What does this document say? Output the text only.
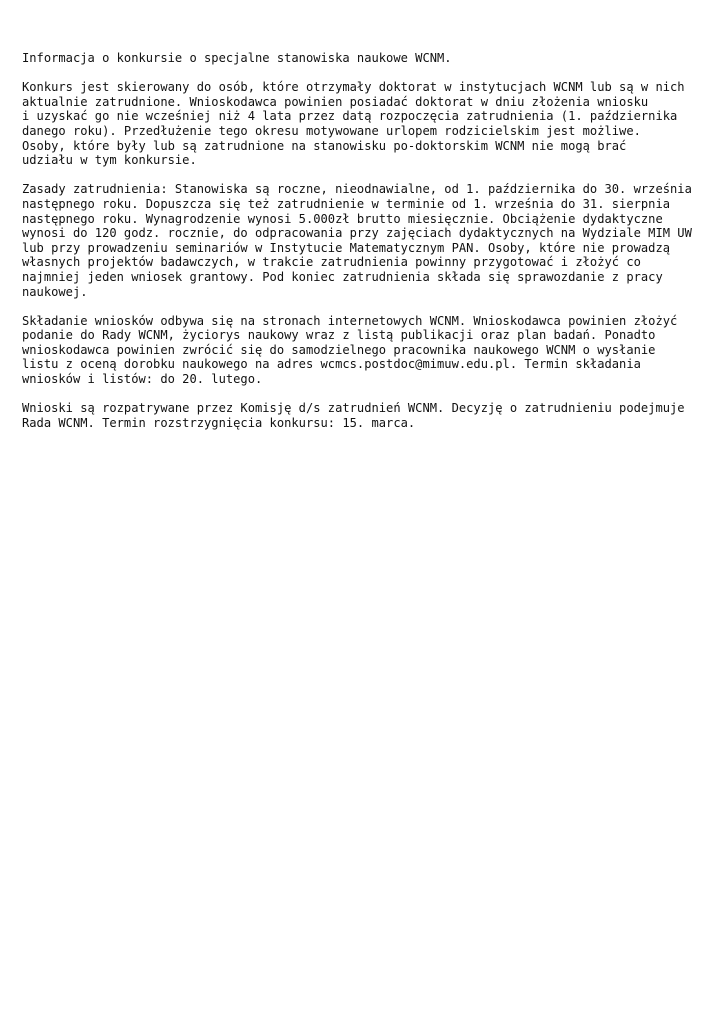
Informacja o konkursie o specjalne stanowiska naukowe WCNM.

Konkurs jest skierowany do osób, które otrzymały doktorat w instytucjach WCNM lub są w nich
aktualnie zatrudnione. Wnioskodawca powinien posiadać doktorat w dniu złożenia wniosku
i uzyskać go nie wcześniej niż 4 lata przez datą rozpoczęcia zatrudnienia (1. października
danego roku). Przedłużenie tego okresu motywowane urlopem rodzicielskim jest możliwe.
Osoby, które były lub są zatrudnione na stanowisku po-doktorskim WCNM nie mogą brać
udziału w tym konkursie.

Zasady zatrudnienia: Stanowiska są roczne, nieodnawialne, od 1. października do 30. września
następnego roku. Dopuszcza się też zatrudnienie w terminie od 1. września do 31. sierpnia
następnego roku. Wynagrodzenie wynosi 5.000zł brutto miesięcznie. Obciążenie dydaktyczne
wynosi do 120 godz. rocznie, do odpracowania przy zajęciach dydaktycznych na Wydziale MIM UW
lub przy prowadzeniu seminariów w Instytucie Matematycznym PAN. Osoby, które nie prowadzą
własnych projektów badawczych, w trakcie zatrudnienia powinny przygotować i złożyć co
najmniej jeden wniosek grantowy. Pod koniec zatrudnienia składa się sprawozdanie z pracy
naukowej.

Składanie wniosków odbywa się na stronach internetowych WCNM. Wnioskodawca powinien złożyć
podanie do Rady WCNM, życiorys naukowy wraz z listą publikacji oraz plan badań. Ponadto
wnioskodawca powinien zwrócić się do samodzielnego pracownika naukowego WCNM o wysłanie
listu z oceną dorobku naukowego na adres wcmcs.postdoc@mimuw.edu.pl. Termin składania
wniosków i listów: do 20. lutego.

Wnioski są rozpatrywane przez Komisję d/s zatrudnień WCNM. Decyzję o zatrudnieniu podejmuje
Rada WCNM. Termin rozstrzygnięcia konkursu: 15. marca.
